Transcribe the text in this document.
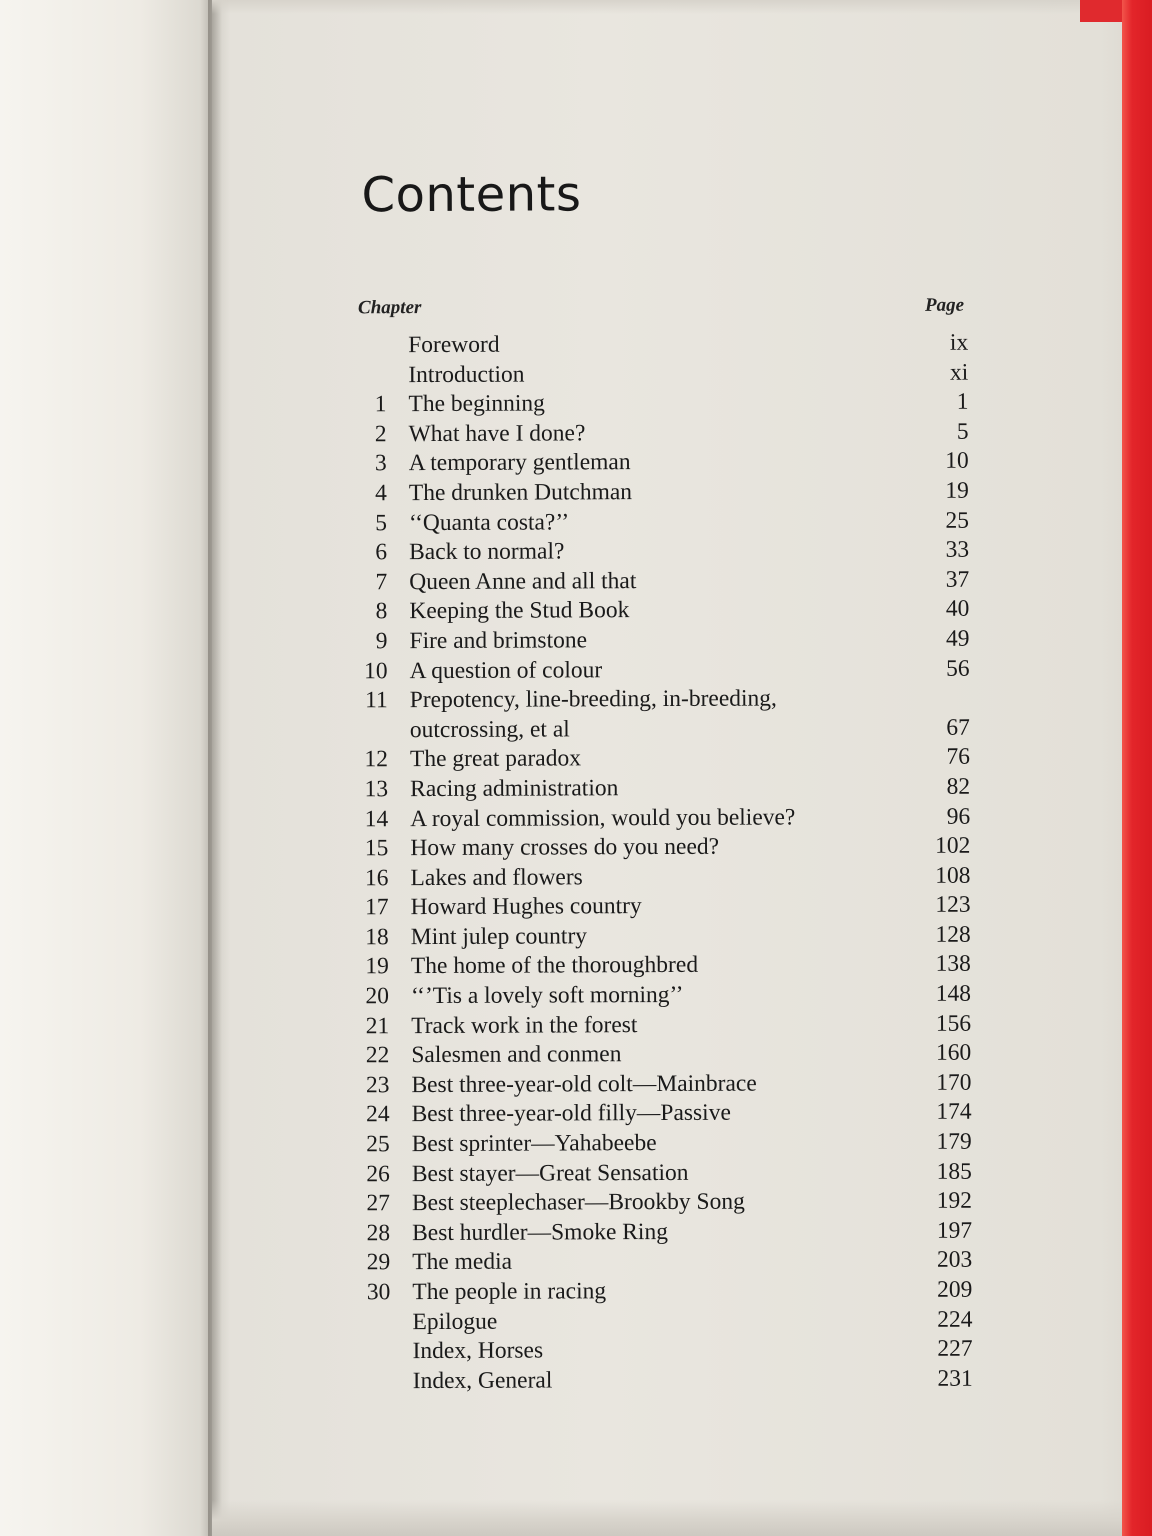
Contents
Chapter	Page
Foreword	ix
Introduction	xi
1 The beginning	1
2 What have I done?	5
3 A temporary gentleman	10
4 The drunken Dutchman	19
5 ‘‘Quanta costa?’’	25
6 Back to normal?	33
7 Queen Anne and all that	37
8 Keeping the Stud Book	40
9 Fire and brimstone	49
10 A question of colour	56
11 Prepotency, line-breeding, in-breeding,
outcrossing, et al	67
12 The great paradox	76
13 Racing administration	82
14 A royal commission, would you believe?	96
15 How many crosses do you need?	102
16 Lakes and flowers	108
17 Howard Hughes country	123
18 Mint julep country	128
19 The home of the thoroughbred	138
20 ‘‘’Tis a lovely soft morning’’	148
21 Track work in the forest	156
22 Salesmen and conmen	160
23 Best three-year-old colt—Mainbrace	170
24 Best three-year-old filly—Passive	174
25 Best sprinter—Yahabeebe	179
26 Best stayer—Great Sensation	185
27 Best steeplechaser—Brookby Song	192
28 Best hurdler—Smoke Ring	197
29 The media	203
30 The people in racing	209
Epilogue	224
Index, Horses	227
Index, General	231
